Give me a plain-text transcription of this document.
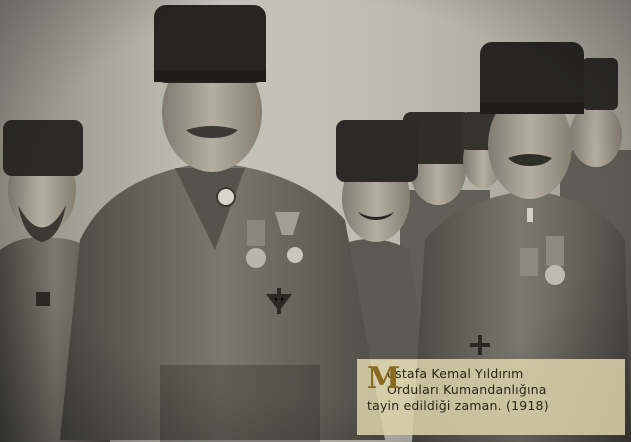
M
ustafa Kemal Yıldırım
Orduları Kumandanlığına
tayin edildiği zaman. (1918)
